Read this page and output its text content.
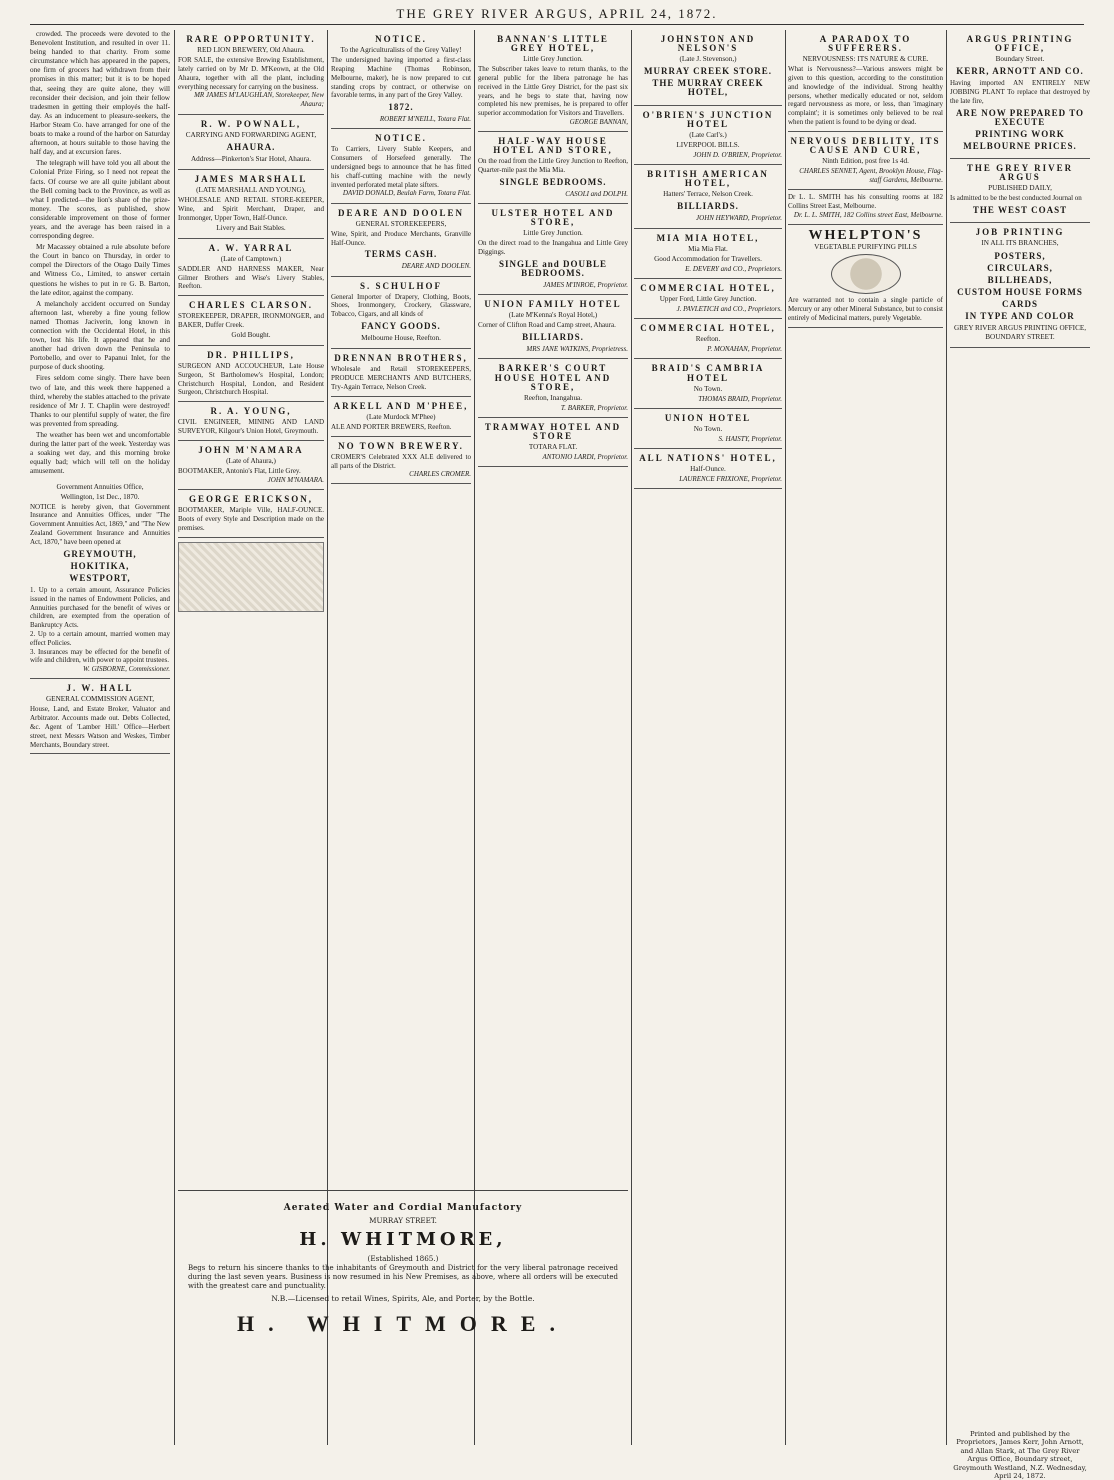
THE GREY RIVER ARGUS, APRIL 24, 1872.

crowded. The proceeds were devoted to the Benevolent Institution, and resulted in over 11. being handed to that charity. From some circumstance which has appeared in the papers, one firm of grocers had withdrawn from their promises in this matter; but it is to be hoped that, seeing they are quite alone, they will reconsider their decision, and join their fellow tradesmen in getting their employés the half-day. As an inducement to pleasure-seekers, the Harbor Steam Co. have arranged for one of the boats to make a round of the harbor on Saturday afternoon, at hours suitable to those having the half day, and at excursion fares.

The telegraph will have told you all about the Colonial Prize Firing, so I need not repeat the facts. Of course we are all quite jubilant about the Bell coming back to the Province, as well as what I predicted—the lion's share of the prize-money. The scores, as published, show considerable improvement on those of former years, and the average has been raised in a corresponding degree.

Mr Macassey obtained a rule absolute before the Court in banco on Thursday, in order to compel the Directors of the Otago Daily Times and Witness Co., Limited, to answer certain questions he wishes to put in re G. B. Barton, the late editor, against the company.

A melancholy accident occurred on Sunday afternoon last, whereby a fine young fellow named Thomas Jaciverin, long known in connection with the Occidental Hotel, in this town, lost his life. It appeared that he and another had driven down the Peninsula to Portobello, and over to Papanui Inlet, for the purpose of duck shooting.

Fires seldom come singly. There have been two of late, and this week there happened a third, whereby the stables attached to the private residence of Mr J. T. Chaplin were destroyed! Thanks to our plentiful supply of water, the fire was prevented from spreading.

The weather has been wet and uncomfortable during the latter part of the week. Yesterday was a soaking wet day, and this morning broke equally bad; which will tell on the holiday amusement.

Government Annuities Office,
Wellington, 1st Dec., 1870.
NOTICE is hereby given, that Government Insurance and Annuities Offices, under "The Government Annuities Act, 1869," and "The New Zealand Government Insurance and Annuities Act, 1870," have been opened at
GREYMOUTH,
HOKITIKA,
WESTPORT,
1. Up to a certain amount, Assurance Policies issued in the names of Endowment Policies, and Annuities purchased for the benefit of wives or children, are exempted from the operation of Bankruptcy Acts.
2. Up to a certain amount, married women may effect Policies.
3. Insurances may be effected for the benefit of wife and children, with power to appoint trustees.
W. GISBORNE, Commissioner.
J. W. HALL
GENERAL COMMISSION AGENT,
House, Land, and Estate Broker, Valuator and Arbitrator. Accounts made out. Debts Collected, &c. Agent of 'Lamber Hill.' Office—Herbert street, next Messrs Watson and Weskes, Timber Merchants, Boundary street.
RARE OPPORTUNITY.
RED LION BREWERY, Old Ahaura.
FOR SALE, the extensive Brewing Establishment, lately carried on by Mr D. M'Keown, at the Old Ahaura, together with all the plant, including everything necessary for carrying on the business.
MR JAMES M'LAUGHLAN, Storekeeper, New Ahaura;
R. W. POWNALL,
CARRYING AND FORWARDING AGENT,
AHAURA.
Address—Pinkerton's Star Hotel, Ahaura.
JAMES MARSHALL
(LATE MARSHALL AND YOUNG),
WHOLESALE AND RETAIL STORE-KEEPER, Wine, and Spirit Merchant, Draper, and Ironmonger, Upper Town, Half-Ounce.
Livery and Bait Stables.
A. W. YARRAL
(Late of Camptown.)
SADDLER AND HARNESS MAKER, Near Gilmer Brothers and Wise's Livery Stables, Reefton.
CHARLES CLARSON.
STOREKEEPER, DRAPER, IRONMONGER, and BAKER, Duffer Creek.
Gold Bought.
DR. PHILLIPS,
SURGEON AND ACCOUCHEUR, Late House Surgeon, St Bartholomew's Hospital, London; Christchurch Hospital, London, and Resident Surgeon, Christchurch Hospital.
R. A. YOUNG,
CIVIL ENGINEER, MINING AND LAND SURVEYOR, Kilgour's Union Hotel, Greymouth.
JOHN M'NAMARA
(Late of Ahaura,)
BOOTMAKER, Antonio's Flat, Little Grey.
JOHN M'NAMARA.
GEORGE ERICKSON,
BOOTMAKER, Mariple Ville, HALF-OUNCE. Boots of every Style and Description made on the premises.
NOTICE.
To the Agriculturalists of the Grey Valley!
The undersigned having imported a first-class Reaping Machine (Thomas Robinson, Melbourne, maker), he is now prepared to cut standing crops by contract, or otherwise on favorable terms, in any part of the Grey Valley.
1872.
ROBERT M'NEILL, Totara Flat.
NOTICE.
To Carriers, Livery Stable Keepers, and Consumers of Horsefeed generally. The undersigned begs to announce that he has fitted his chaff-cutting machine with the newly invented perforated metal plate sifters.
DAVID DONALD, Beulah Farm, Totara Flat.
DEARE AND DOOLEN
GENERAL STOREKEEPERS,
Wine, Spirit, and Produce Merchants, Granville Half-Ounce.
TERMS CASH.
DEARE AND DOOLEN.
S. SCHULHOF
General Importer of Drapery, Clothing, Boots, Shoes, Ironmongery, Crockery, Glassware, Tobacco, Cigars, and all kinds of
FANCY GOODS.
Melbourne House, Reefton.
DRENNAN BROTHERS,
Wholesale and Retail STOREKEEPERS, PRODUCE MERCHANTS AND BUTCHERS, Try-Again Terrace, Nelson Creek.
ARKELL AND M'PHEE,
(Late Murdock M'Phee)
ALE AND PORTER BREWERS, Reefton.
NO TOWN BREWERY.
CROMER'S Celebrated XXX ALE delivered to all parts of the District.
CHARLES CROMER.
BANNAN'S LITTLE GREY HOTEL,
Little Grey Junction.
The Subscriber takes leave to return thanks, to the general public for the libera patronage he has received in the Little Grey District, for the past six years, and he begs to state that, having now completed his new premises, he is prepared to offer superior accommodation for Visitors and Travellers.
GEORGE BANNAN,
HALF-WAY HOUSE HOTEL AND STORE,
On the road from the Little Grey Junction to Reefton, Quarter-mile past the Mia Mia.
SINGLE BEDROOMS.
CASOLI and DOLPH.
ULSTER HOTEL AND STORE,
Little Grey Junction.
On the direct road to the Inangahua and Little Grey Diggings.
SINGLE and DOUBLE BEDROOMS.
JAMES M'INROE, Proprietor.
UNION FAMILY HOTEL
(Late M'Kenna's Royal Hotel,)
Corner of Clifton Road and Camp street, Ahaura.
BILLIARDS.
MRS JANE WATKINS, Proprietress.
BARKER'S COURT HOUSE HOTEL AND STORE,
Reefton, Inangahua.
T. BARKER, Proprietor.
TRAMWAY HOTEL AND STORE
TOTARA FLAT.
ANTONIO LARDI, Proprietor.
JOHNSTON AND NELSON'S
(Late J. Stevenson,)
MURRAY CREEK STORE.
THE MURRAY CREEK HOTEL,
O'BRIEN'S JUNCTION HOTEL
(Late Carl's.)
LIVERPOOL BILLS.
JOHN D. O'BRIEN, Proprietor.
BRITISH AMERICAN HOTEL,
Hatters' Terrace, Nelson Creek.
BILLIARDS.
JOHN HEYWARD, Proprietor.
MIA MIA HOTEL,
Mia Mia Flat.
Good Accommodation for Travellers.
E. DEVERY and CO., Proprietors.
COMMERCIAL HOTEL,
Upper Ford, Little Grey Junction.
J. PAVLETICH and CO., Proprietors.
COMMERCIAL HOTEL,
Reefton.
P. MONAHAN, Proprietor.
BRAID'S CAMBRIA HOTEL
No Town.
THOMAS BRAID, Proprietor.
UNION HOTEL
No Town.
S. HAISTY, Proprietor.
ALL NATIONS' HOTEL,
Half-Ounce.
LAURENCE FRIXIONE, Proprietor.
A PARADOX TO SUFFERERS.
NERVOUSNESS: ITS NATURE & CURE.
What is Nervousness?—Various answers might be given to this question, according to the constitution and knowledge of the individual. Strong healthy persons, whether medically educated or not, seldom regard nervousness as more, or less, than 'imaginary complaint'; it is sometimes only believed to be real when the patient is found to be dying or dead.
NERVOUS DEBILITY, ITS CAUSE AND CURE,
Ninth Edition, post free 1s 4d.
CHARLES SENNET, Agent, Brooklyn House, Flag-staff Gardens, Melbourne.
Dr L. L. SMITH has his consulting rooms at 182 Collins Street East, Melbourne.
Dr. L. L. SMITH, 182 Collins street East, Melbourne.
WHELPTON'S
VEGETABLE PURIFYING PILLS
Are warranted not to contain a single particle of Mercury or any other Mineral Substance, but to consist entirely of Medicinal matters, purely Vegetable.
ARGUS PRINTING OFFICE,
Boundary Street.
KERR, ARNOTT AND CO.
Having imported AN ENTIRELY NEW JOBBING PLANT To replace that destroyed by the late fire,
ARE NOW PREPARED TO EXECUTE
PRINTING WORK
MELBOURNE PRICES.
THE GREY RIVER ARGUS
PUBLISHED DAILY,
Is admitted to be the best conducted Journal on
THE WEST COAST
JOB PRINTING
IN ALL ITS BRANCHES,
POSTERS,
CIRCULARS,
BILLHEADS,
CUSTOM HOUSE FORMS
CARDS
IN TYPE AND COLOR
GREY RIVER ARGUS PRINTING OFFICE, BOUNDARY STREET.
Printed and published by the Proprietors, James Kerr, John Arnott, and Allan Stark, at The Grey River Argus Office, Boundary street, Greymouth Westland, N.Z. Wednesday, April 24, 1872.
Aerated Water and Cordial Manufactory
MURRAY STREET.
H. WHITMORE,
(Established 1865.)
Begs to return his sincere thanks to the inhabitants of Greymouth and District for the very liberal patronage received during the last seven years. Business is now resumed in his New Premises, as above, where all orders will be executed with the greatest care and punctuality.
N.B.—Licensed to retail Wines, Spirits, Ale, and Porter, by the Bottle.
H. WHITMORE.
